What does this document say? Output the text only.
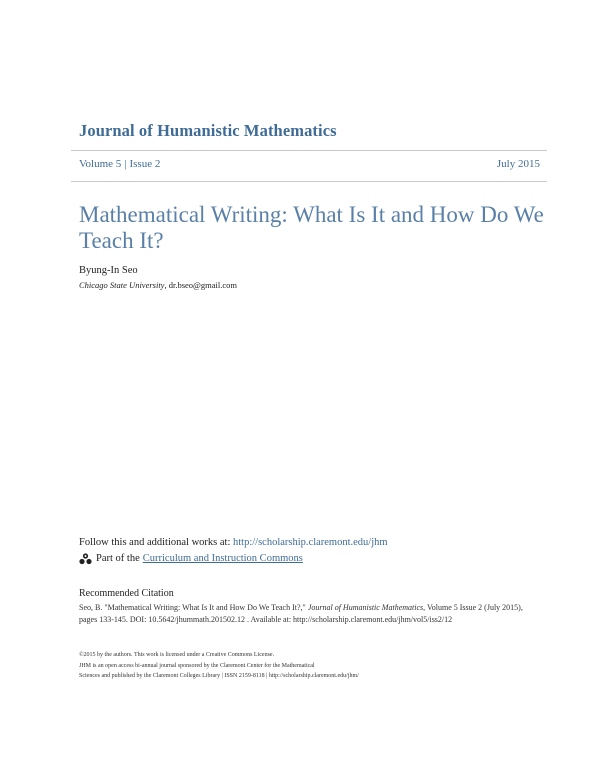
Journal of Humanistic Mathematics
Volume 5 | Issue 2	July 2015
Mathematical Writing: What Is It and How Do We Teach It?
Byung-In Seo
Chicago State University, dr.bseo@gmail.com
Follow this and additional works at: http://scholarship.claremont.edu/jhm
Part of the Curriculum and Instruction Commons
Recommended Citation
Seo, B. "Mathematical Writing: What Is It and How Do We Teach It?," Journal of Humanistic Mathematics, Volume 5 Issue 2 (July 2015), pages 133-145. DOI: 10.5642/jhummath.201502.12 . Available at: http://scholarship.claremont.edu/jhm/vol5/iss2/12
©2015 by the authors. This work is licensed under a Creative Commons License.
JHM is an open access bi-annual journal sponsored by the Claremont Center for the Mathematical
Sciences and published by the Claremont Colleges Library | ISSN 2159-8118 | http://scholarship.claremont.edu/jhm/
